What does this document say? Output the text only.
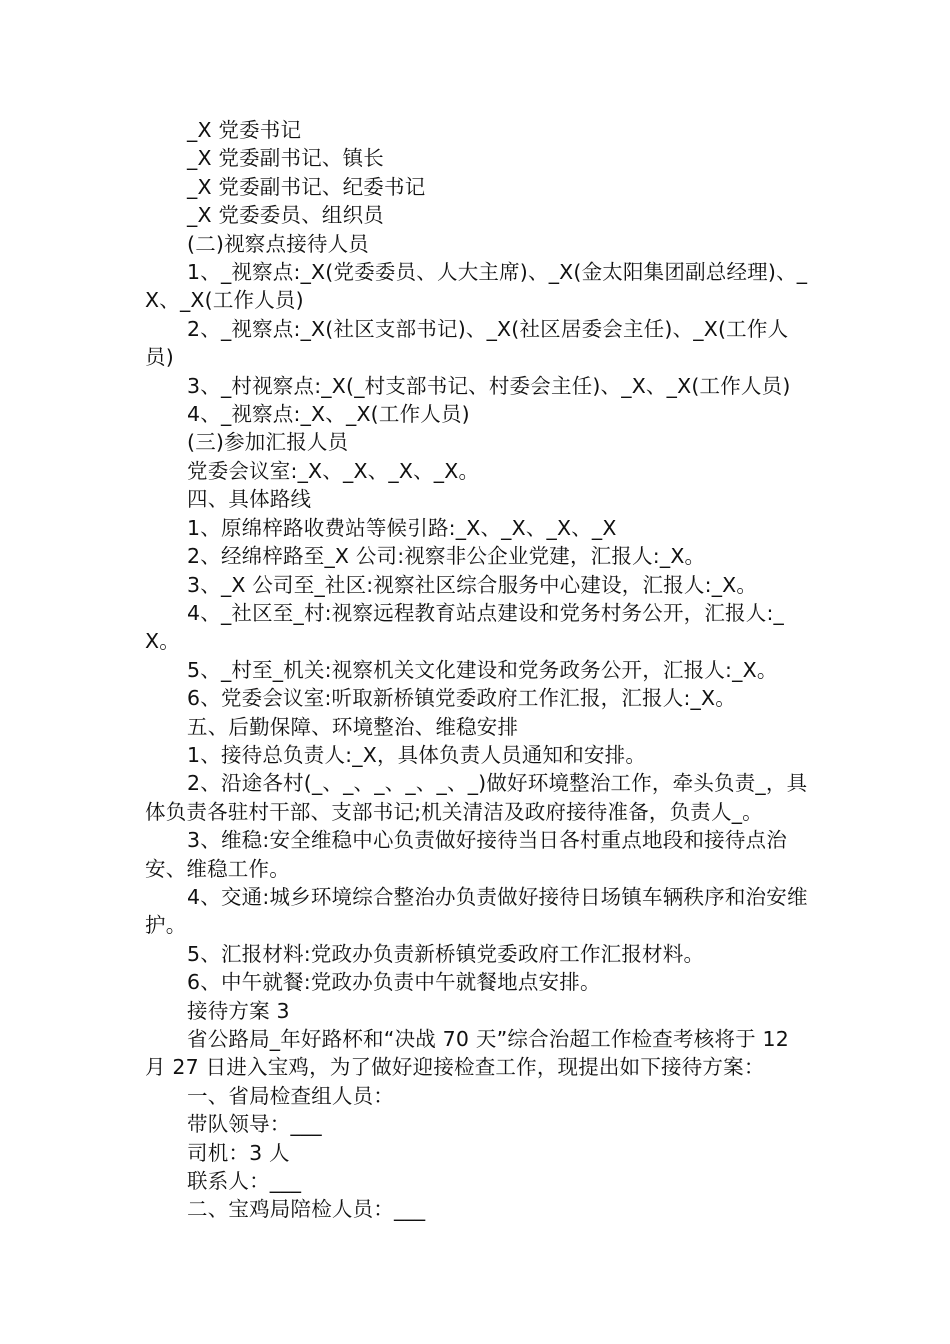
_X 党委书记

_X 党委副书记、镇长

_X 党委副书记、纪委书记

_X 党委委员、组织员

(二)视察点接待人员

1、_视察点:_X(党委委员、人大主席)、_X(金太阳集团副总经理)、_X、_X(工作人员)

2、_视察点:_X(社区支部书记)、_X(社区居委会主任)、_X(工作人员)

3、_村视察点:_X(_村支部书记、村委会主任)、_X、_X(工作人员)

4、_视察点:_X、_X(工作人员)

(三)参加汇报人员

党委会议室:_X、_X、_X、_X。

四、具体路线

1、原绵梓路收费站等候引路:_X、_X、_X、_X

2、经绵梓路至_X 公司:视察非公企业党建，汇报人:_X。

3、_X 公司至_社区:视察社区综合服务中心建设，汇报人:_X。

4、_社区至_村:视察远程教育站点建设和党务村务公开，汇报人:_X。

5、_村至_机关:视察机关文化建设和党务政务公开，汇报人:_X。

6、党委会议室:听取新桥镇党委政府工作汇报，汇报人:_X。

五、后勤保障、环境整治、维稳安排

1、接待总负责人:_X，具体负责人员通知和安排。

2、沿途各村(_、_、_、_、_、_)做好环境整治工作，牵头负责_，具体负责各驻村干部、支部书记;机关清洁及政府接待准备，负责人_。

3、维稳:安全维稳中心负责做好接待当日各村重点地段和接待点治安、维稳工作。

4、交通:城乡环境综合整治办负责做好接待日场镇车辆秩序和治安维护。

5、汇报材料:党政办负责新桥镇党委政府工作汇报材料。

6、中午就餐:党政办负责中午就餐地点安排。

接待方案 3

省公路局_年好路杯和“决战 70 天”综合治超工作检查考核将于 12 月 27 日进入宝鸡，为了做好迎接检查工作，现提出如下接待方案：

一、省局检查组人员：

带队领导：___

司机：3 人

联系人：___

二、宝鸡局陪检人员：___
